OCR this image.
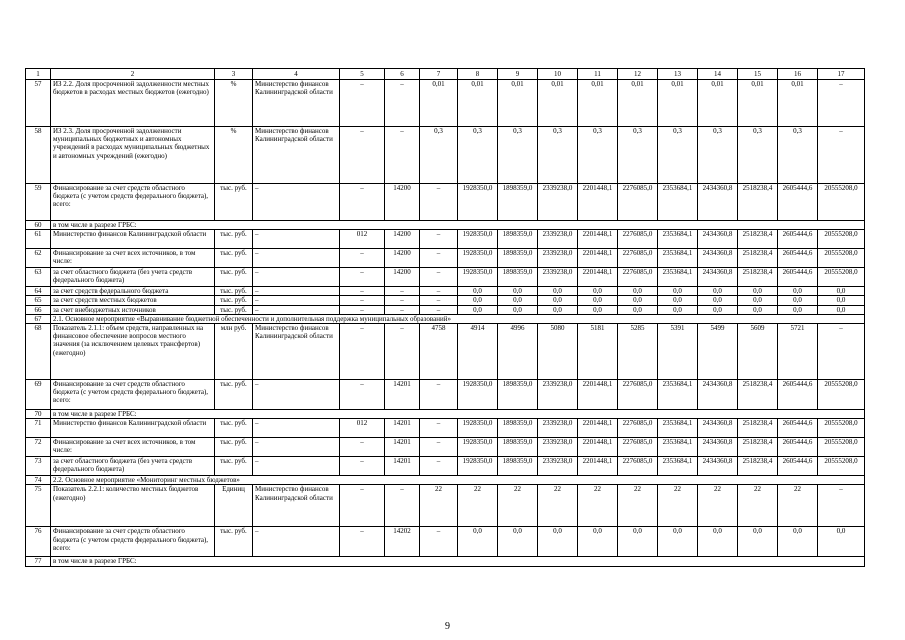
1	2	3	4	5	6	7	8	9	10	11	12	13	14	15	16	17
57	ИЗ 2.2. Доля просроченной задолженности местных бюджетов в расходах местных бюджетов (ежегодно)	%	Министерство финансов Калининградской области	–	–	0,01	0,01	0,01	0,01	0,01	0,01	0,01	0,01	0,01	0,01	–
58	ИЗ 2.3. Доля просроченной задолженности муниципальных бюджетных и автономных учреждений в расходах муниципальных бюджетных и автономных учреждений (ежегодно)	%	Министерство финансов Калининградской области	–	–	0,3	0,3	0,3	0,3	0,3	0,3	0,3	0,3	0,3	0,3	–
59	Финансирование за счет средств областного бюджета (с учетом средств федерального бюджета), всего:	тыс. руб.	–	–	14200	–	1928350,0	1898359,0	2339238,0	2201448,1	2276085,0	2353684,1	2434360,8	2518238,4	2605444,6	20555208,0
60	в том числе в разрезе ГРБС:															
61	Министерство финансов Калининградской области	тыс. руб.	–	012	14200	–	1928350,0	1898359,0	2339238,0	2201448,1	2276085,0	2353684,1	2434360,8	2518238,4	2605444,6	20555208,0
62	Финансирование за счет всех источников, в том числе:	тыс. руб.	–	–	14200	–	1928350,0	1898359,0	2339238,0	2201448,1	2276085,0	2353684,1	2434360,8	2518238,4	2605444,6	20555208,0
63	за счет областного бюджета (без учета средств федерального бюджета)	тыс. руб.	–	–	14200	–	1928350,0	1898359,0	2339238,0	2201448,1	2276085,0	2353684,1	2434360,8	2518238,4	2605444,6	20555208,0
64	за счет средств федерального бюджета	тыс. руб.	–	–	–	–	0,0	0,0	0,0	0,0	0,0	0,0	0,0	0,0	0,0	0,0
65	за счет средств местных бюджетов	тыс. руб.	–	–	–	–	0,0	0,0	0,0	0,0	0,0	0,0	0,0	0,0	0,0	0,0
66	за счет внебюджетных источников	тыс. руб.	–	–	–	–	0,0	0,0	0,0	0,0	0,0	0,0	0,0	0,0	0,0	0,0
67	2.1. Основное мероприятие «Выравнивание бюджетной обеспеченности и дополнительная поддержка муниципальных образований»															
68	Показатель 2.1.1: объем средств, направленных на финансовое обеспечение вопросов местного значения (за исключением целевых трансфертов) (ежегодно)	млн руб.	Министерство финансов Калининградской области	–	–	4758	4914	4996	5080	5181	5285	5391	5499	5609	5721	–
69	Финансирование за счет средств областного бюджета (с учетом средств федерального бюджета), всего:	тыс. руб.	–	–	14201	–	1928350,0	1898359,0	2339238,0	2201448,1	2276085,0	2353684,1	2434360,8	2518238,4	2605444,6	20555208,0
70	в том числе в разрезе ГРБС:															
71	Министерство финансов Калининградской области	тыс. руб.	–	012	14201	–	1928350,0	1898359,0	2339238,0	2201448,1	2276085,0	2353684,1	2434360,8	2518238,4	2605444,6	20555208,0
72	Финансирование за счет всех источников, в том числе:	тыс. руб.	–	–	14201	–	1928350,0	1898359,0	2339238,0	2201448,1	2276085,0	2353684,1	2434360,8	2518238,4	2605444,6	20555208,0
73	за счет областного бюджета (без учета средств федерального бюджета)	тыс. руб.	–	–	14201	–	1928350,0	1898359,0	2339238,0	2201448,1	2276085,0	2353684,1	2434360,8	2518238,4	2605444,6	20555208,0
74	2.2. Основное мероприятие «Мониторинг местных бюджетов»															
75	Показатель 2.2.1: количество местных бюджетов (ежегодно)	Единиц	Министерство финансов Калининградской области	–	–	22	22	22	22	22	22	22	22	22	22	–
76	Финансирование за счет средств областного бюджета (с учетом средств федерального бюджета), всего:	тыс. руб.	–	–	14202	–	0,0	0,0	0,0	0,0	0,0	0,0	0,0	0,0	0,0	0,0
77	в том числе в разрезе ГРБС:															
9
